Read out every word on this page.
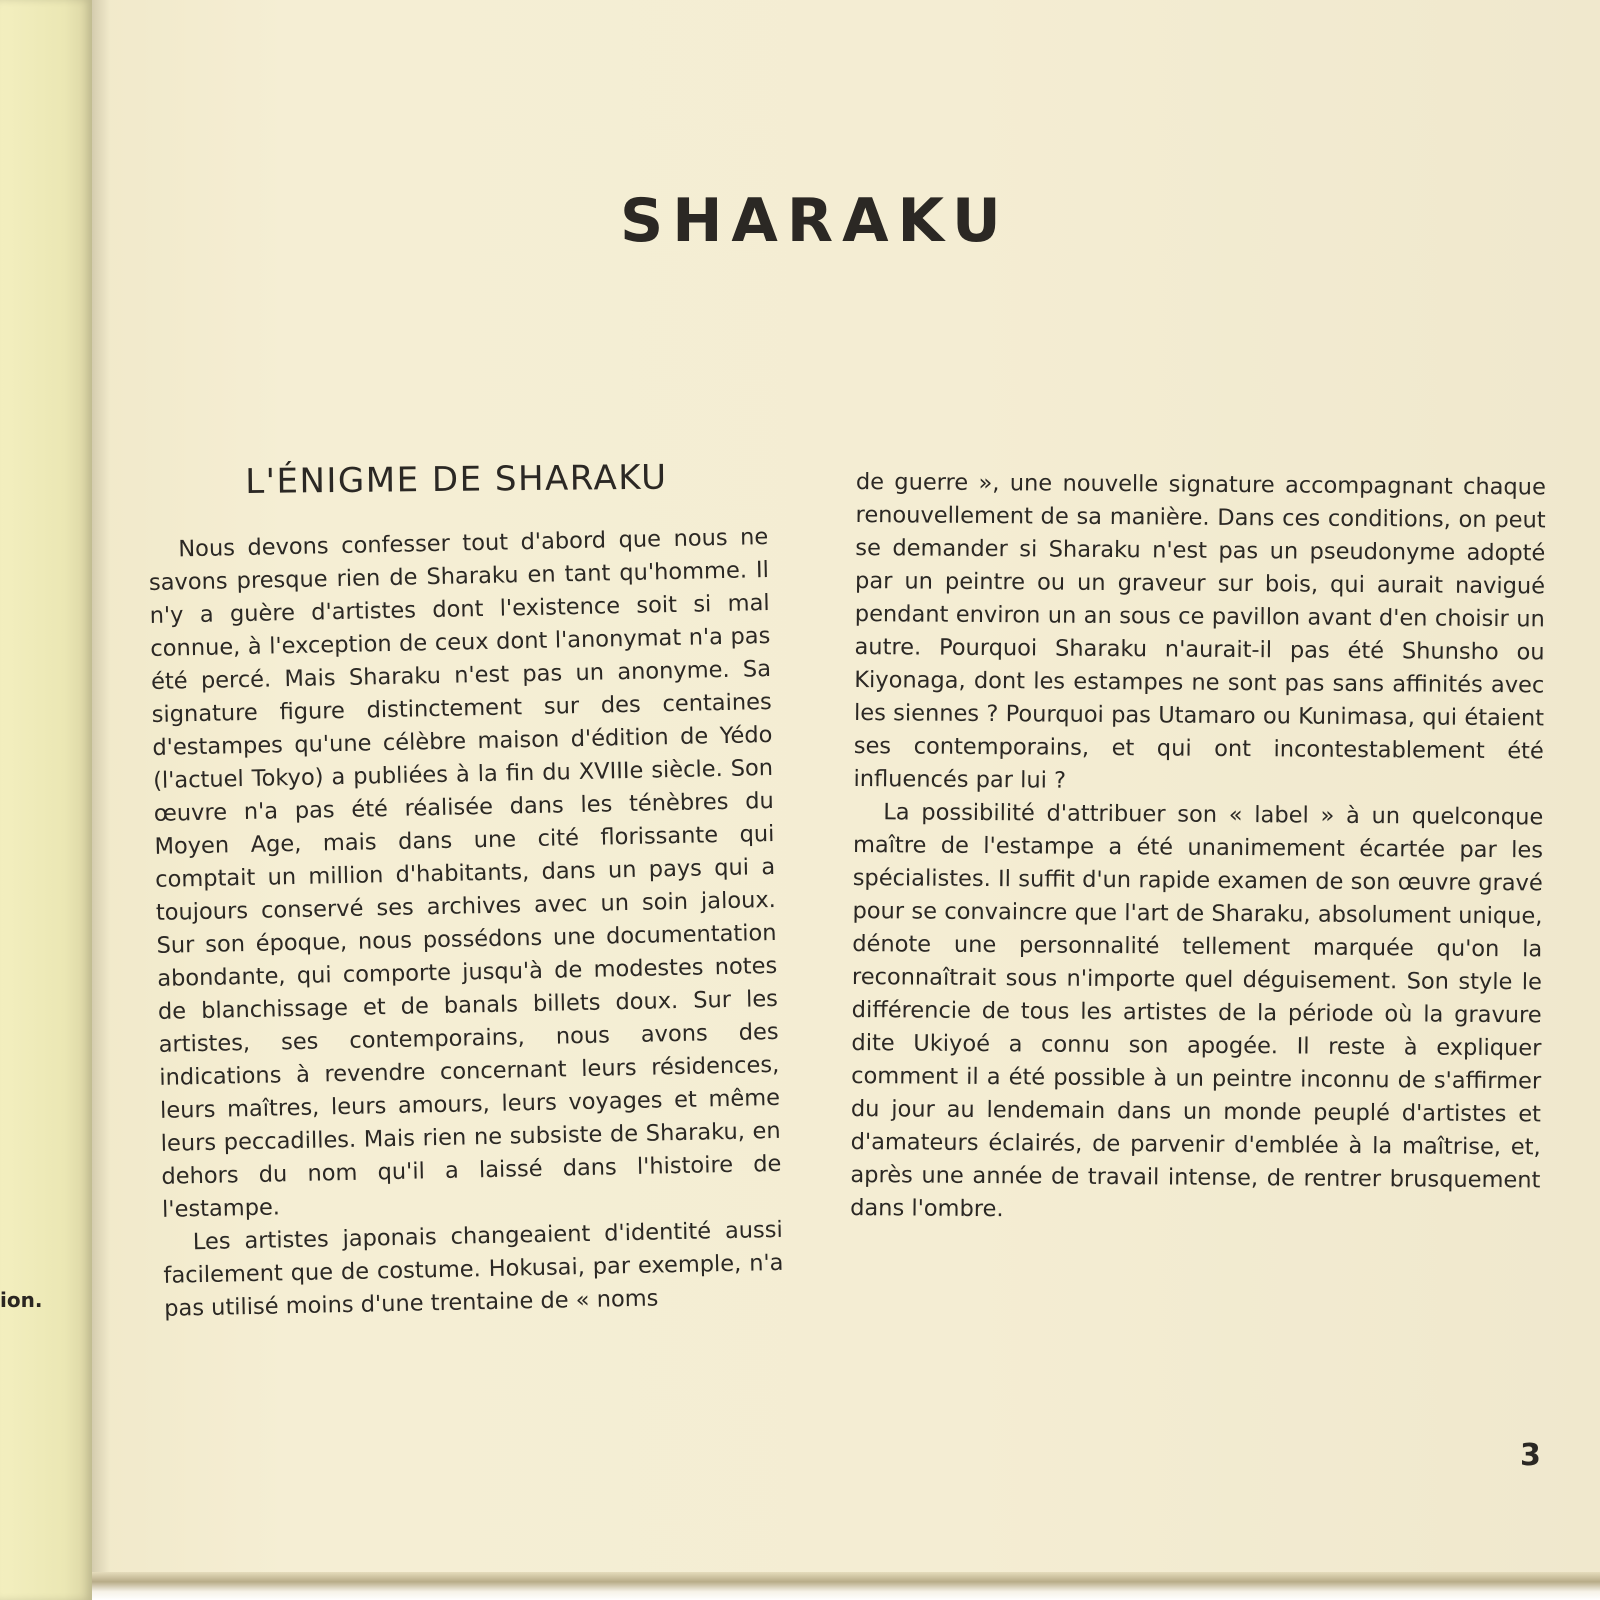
ion.
SHARAKU
L'ÉNIGME DE SHARAKU

Nous devons confesser tout d'abord que nous ne savons presque rien de Sharaku en tant qu'homme. Il n'y a guère d'artistes dont l'existence soit si mal connue, à l'exception de ceux dont l'anonymat n'a pas été percé. Mais Sharaku n'est pas un anonyme. Sa signature figure distinctement sur des centaines d'estampes qu'une célèbre maison d'édition de Yédo (l'actuel Tokyo) a publiées à la fin du XVIIIe siècle. Son œuvre n'a pas été réalisée dans les ténèbres du Moyen Age, mais dans une cité florissante qui comptait un million d'habitants, dans un pays qui a toujours conservé ses archives avec un soin jaloux. Sur son époque, nous possédons une documentation abondante, qui comporte jusqu'à de modestes notes de blanchissage et de banals billets doux. Sur les artistes, ses contemporains, nous avons des indications à revendre concernant leurs résidences, leurs maîtres, leurs amours, leurs voyages et même leurs peccadilles. Mais rien ne subsiste de Sharaku, en dehors du nom qu'il a laissé dans l'histoire de l'estampe.

Les artistes japonais changeaient d'identité aussi facilement que de costume. Hokusai, par exemple, n'a pas utilisé moins d'une trentaine de « noms

de guerre », une nouvelle signature accompagnant chaque renouvellement de sa manière. Dans ces conditions, on peut se demander si Sharaku n'est pas un pseudonyme adopté par un peintre ou un graveur sur bois, qui aurait navigué pendant environ un an sous ce pavillon avant d'en choisir un autre. Pourquoi Sharaku n'aurait-il pas été Shunsho ou Kiyonaga, dont les estampes ne sont pas sans affinités avec les siennes ? Pourquoi pas Utamaro ou Kunimasa, qui étaient ses contemporains, et qui ont incontestablement été influencés par lui ?

La possibilité d'attribuer son « label » à un quelconque maître de l'estampe a été unanimement écartée par les spécialistes. Il suffit d'un rapide examen de son œuvre gravé pour se convaincre que l'art de Sharaku, absolument unique, dénote une personnalité tellement marquée qu'on la reconnaîtrait sous n'importe quel déguisement. Son style le différencie de tous les artistes de la période où la gravure dite Ukiyoé a connu son apogée. Il reste à expliquer comment il a été possible à un peintre inconnu de s'affirmer du jour au lendemain dans un monde peuplé d'artistes et d'amateurs éclairés, de parvenir d'emblée à la maîtrise, et, après une année de travail intense, de rentrer brusquement dans l'ombre.

3
